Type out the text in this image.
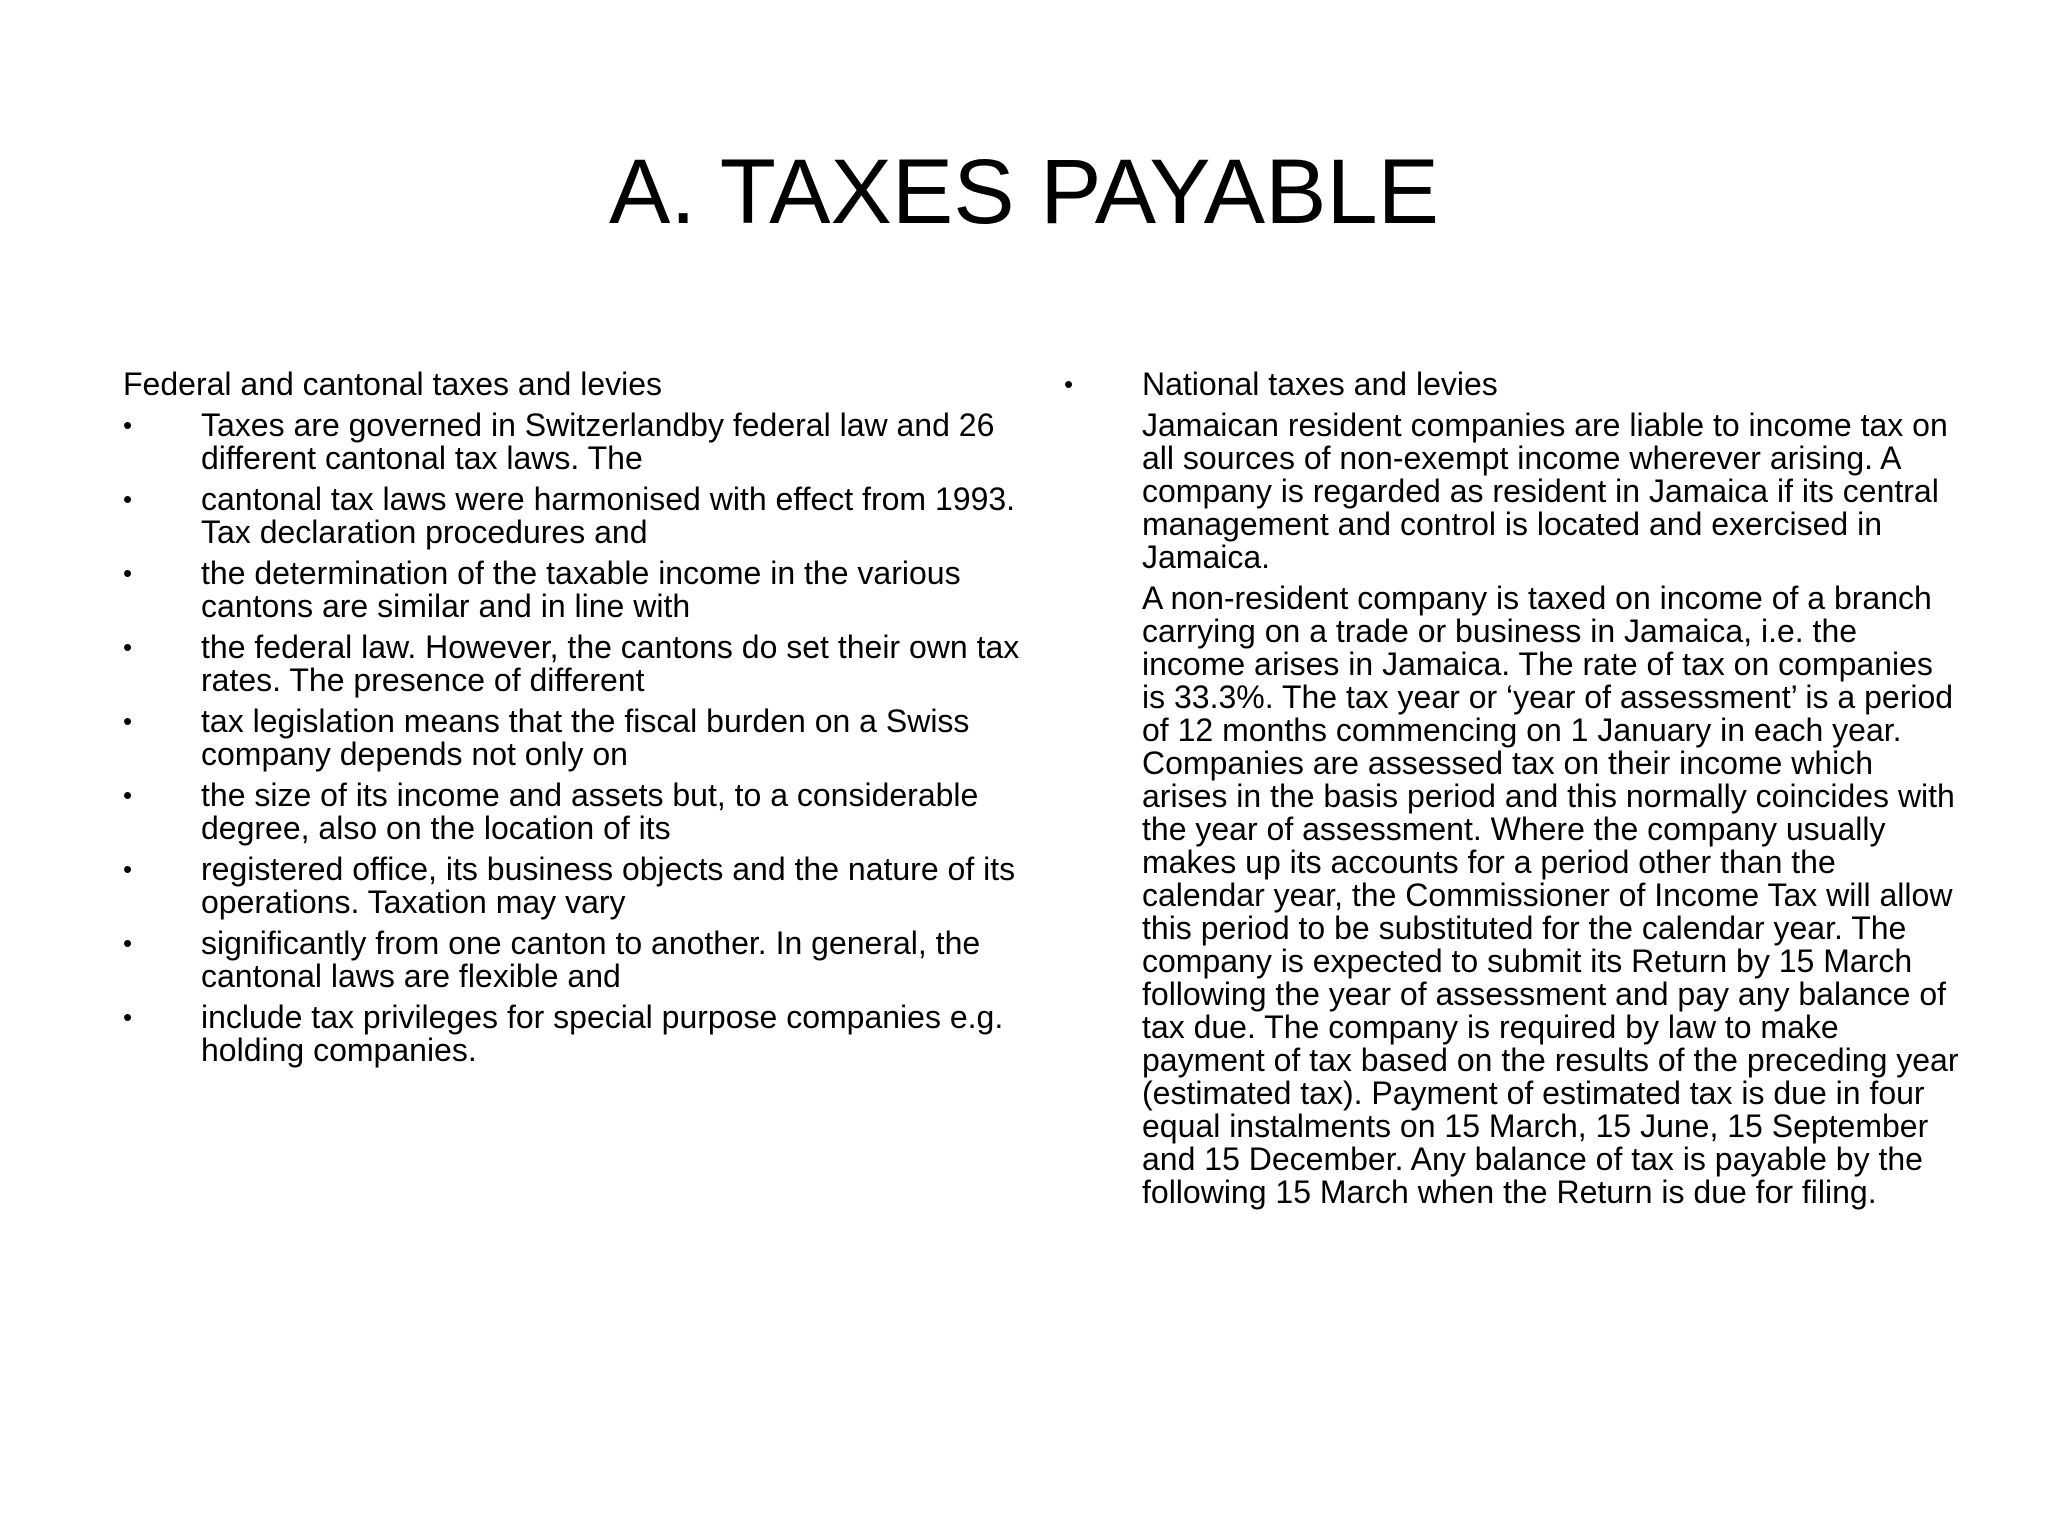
A. TAXES PAYABLE

Federal and cantonal taxes and levies

•	Taxes are governed in Switzerlandby federal law and 26 different cantonal tax laws. The
•	cantonal tax laws were harmonised with effect from 1993. Tax declaration procedures and
•	the determination of the taxable income in the various cantons are similar and in line with
•	the federal law. However, the cantons do set their own tax rates. The presence of different
•	tax legislation means that the fiscal burden on a Swiss company depends not only on
•	the size of its income and assets but, to a considerable degree, also on the location of its
•	registered office, its business objects and the nature of its operations. Taxation may vary
•	significantly from one canton to another. In general, the cantonal laws are flexible and
•	include tax privileges for special purpose companies e.g. holding companies.

•	National taxes and levies

Jamaican resident companies are liable to income tax on all sources of non-exempt income wherever arising. A company is regarded as resident in Jamaica if its central management and control is located and exercised in Jamaica.

A non-resident company is taxed on income of a branch carrying on a trade or business in Jamaica, i.e. the income arises in Jamaica. The rate of tax on companies is 33.3%. The tax year or ‘year of assessment’ is a period of 12 months commencing on 1 January in each year. Companies are assessed tax on their income which arises in the basis period and this normally coincides with the year of assessment. Where the company usually makes up its accounts for a period other than the calendar year, the Commissioner of Income Tax will allow this period to be substituted for the calendar year. The company is expected to submit its Return by 15 March following the year of assessment and pay any balance of tax due. The company is required by law to make payment of tax based on the results of the preceding year (estimated tax). Payment of estimated tax is due in four equal instalments on 15 March, 15 June, 15 September and 15 December. Any balance of tax is payable by the following 15 March when the Return is due for filing.
